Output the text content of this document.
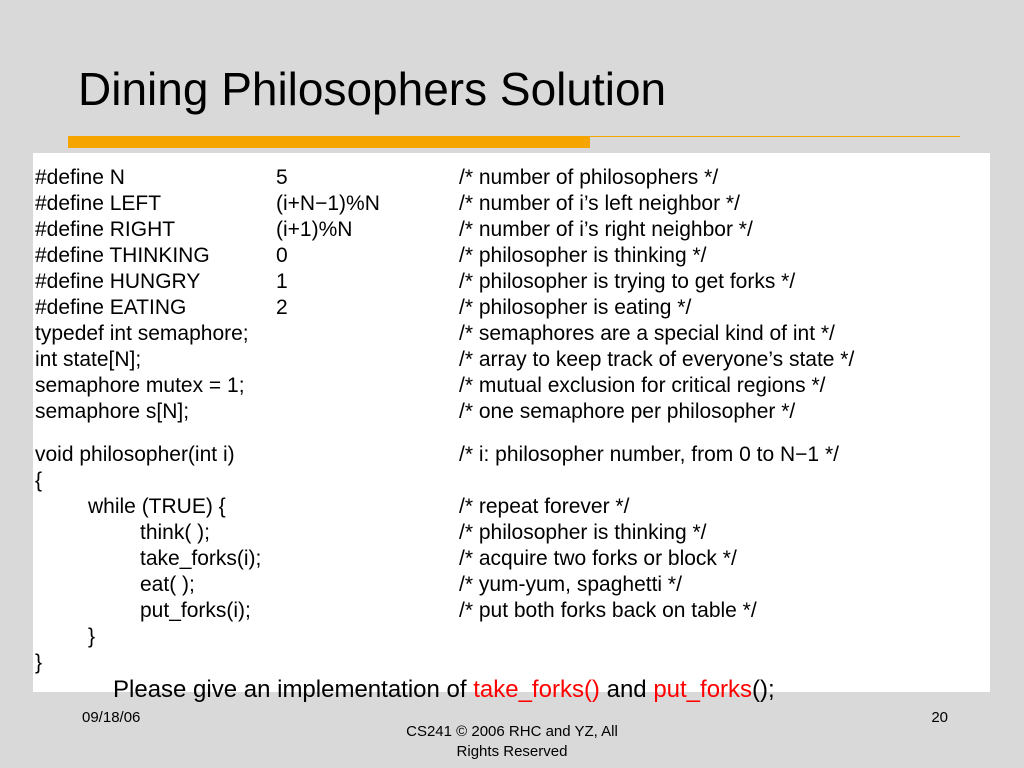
Dining Philosophers Solution
#define N	5	/* number of philosophers */
#define LEFT	(i+N−1)%N	/* number of i’s left neighbor */
#define RIGHT	(i+1)%N	/* number of i’s right neighbor */
#define THINKING	0	/* philosopher is thinking */
#define HUNGRY	1	/* philosopher is trying to get forks */
#define EATING	2	/* philosopher is eating */
typedef int semaphore;	/* semaphores are a special kind of int */
int state[N];	/* array to keep track of everyone’s state */
semaphore mutex = 1;	/* mutual exclusion for critical regions */
semaphore s[N];	/* one semaphore per philosopher */
void philosopher(int i)	/* i: philosopher number, from 0 to N−1 */
{
while (TRUE) {	/* repeat forever */
think( );	/* philosopher is thinking */
take_forks(i);	/* acquire two forks or block */
eat( );	/* yum-yum, spaghetti */
put_forks(i);	/* put both forks back on table */
}
}
Please give an implementation of take_forks() and put_forks();
09/18/06
CS241 © 2006 RHC and YZ, All
Rights Reserved
20
